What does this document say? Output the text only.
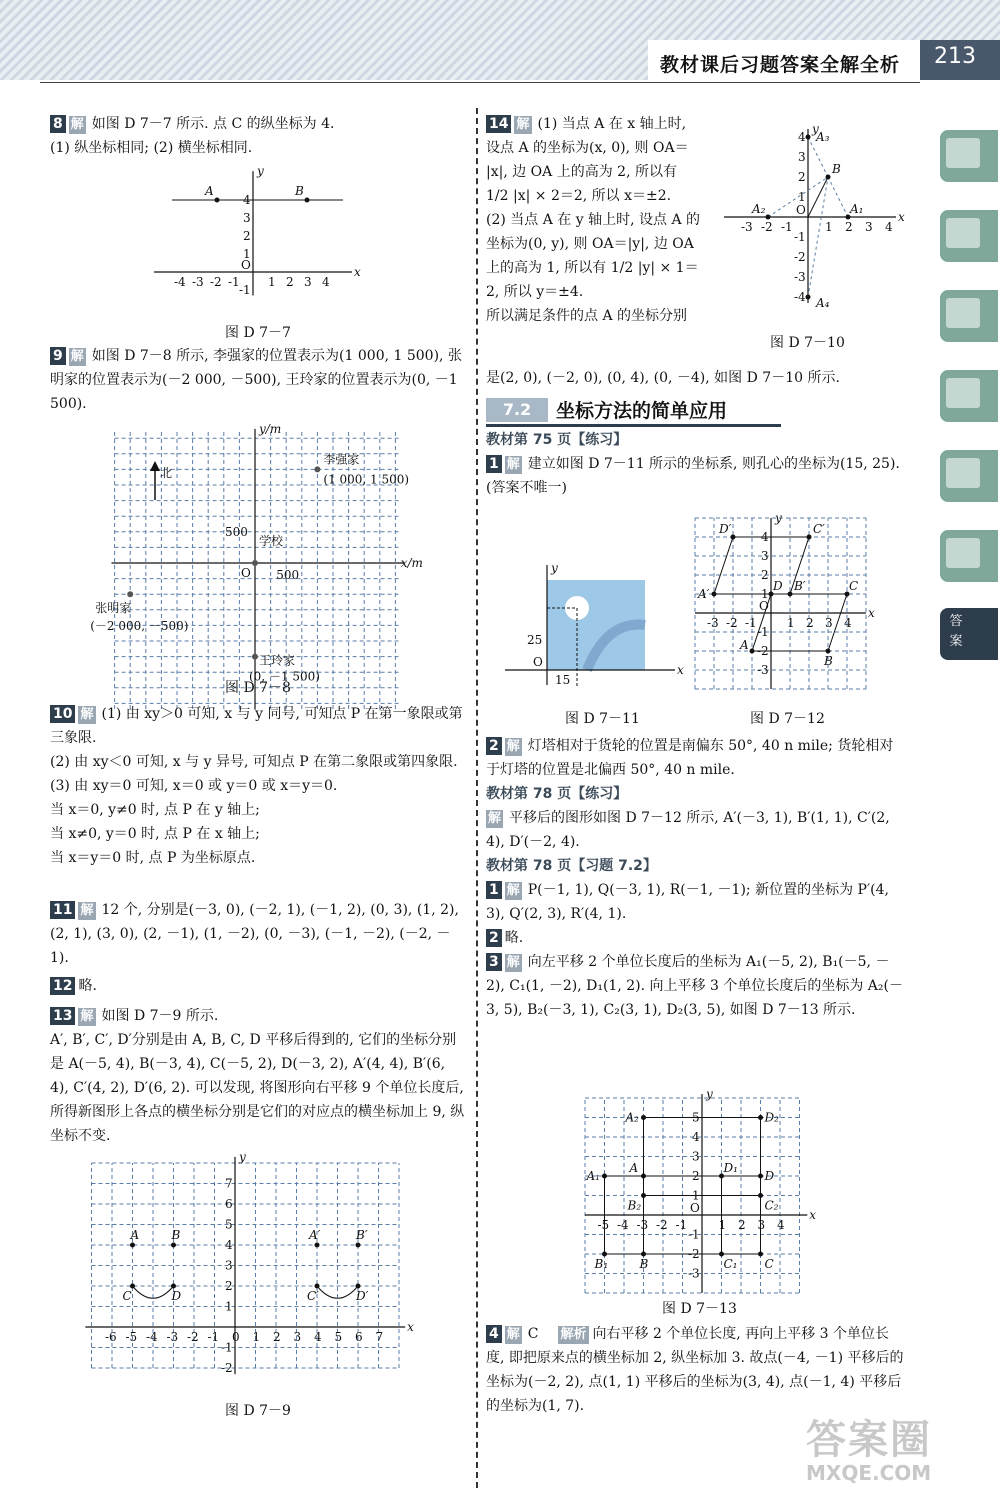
教材课后习题答案全解全析	213
答案

8 解 如图 D 7－7 所示. 点 C 的纵坐标为 4.

(1) 纵坐标相同; (2) 横坐标相同.

x
y
O
-4 -3 -2 -1 1 2 3 4
1
2
3
4
-1
A	B
图 D 7－7

9 解 如图 D 7－8 所示, 李强家的位置表示为(1 000, 1 500), 张明家的位置表示为(－2 000, －500), 王玲家的位置表示为(0, －1 500).

x/m
y/m
O 500
500
北
李强家
(1 000, 1 500)
学校
张明家
(－2 000, －500)
王玲家
(0, －1 500)
图 D 7－8

10 解 (1) 由 xy＞0 可知, x 与 y 同号, 可知点 P 在第一象限或第三象限.

(2) 由 xy＜0 可知, x 与 y 异号, 可知点 P 在第二象限或第四象限.

(3) 由 xy＝0 可知, x＝0 或 y＝0 或 x＝y＝0.

当 x＝0, y≠0 时, 点 P 在 y 轴上;

当 x≠0, y＝0 时, 点 P 在 x 轴上;

当 x＝y＝0 时, 点 P 为坐标原点.

11 解 12 个, 分别是(－3, 0), (－2, 1), (－1, 2), (0, 3), (1, 2), (2, 1), (3, 0), (2, －1), (1, －2), (0, －3), (－1, －2), (－2, －1).

12 略.

13 解 如图 D 7－9 所示.

A′, B′, C′, D′分别是由 A, B, C, D 平移后得到的, 它们的坐标分别是 A(－5, 4), B(－3, 4), C(－5, 2), D(－3, 2), A′(4, 4), B′(6, 4), C′(4, 2), D′(6, 2). 可以发现, 将图形向右平移 9 个单位长度后, 所得新图形上各点的横坐标分别是它们的对应点的横坐标加上 9, 纵坐标不变.

x
y
-6 -5 -4 -3 -2 -1 0 1 2 3 4 5 6 7
1
2
3
4
5
6
7
-1
-2
A	B
C	D
A′	B′
C′	D′
图 D 7－9

14 解 (1) 当点 A 在 x 轴上时,

设点 A 的坐标为(x, 0), 则 OA＝

|x|, 边 OA 上的高为 2, 所以有

1/2 |x| × 2＝2, 所以 x＝±2.

(2) 当点 A 在 y 轴上时, 设点 A 的

坐标为(0, y), 则 OA＝|y|, 边 OA

上的高为 1, 所以有 1/2 |y| × 1＝

2, 所以 y＝±4.

所以满足条件的点 A 的坐标分别

是(2, 0), (－2, 0), (0, 4), (0, －4), 如图 D 7－10 所示.

x
y
O
-3 -2 -1	1 2 3 4
1
2
3
4
-1
-2
-3
-4
A₃
B
A₂	A₁
A₄
图 D 7－10
7.2	坐标方法的简单应用

教材第 75 页【练习】

1 解 建立如图 D 7－11 所示的坐标系, 则孔心的坐标为(15, 25). (答案不唯一)

x
y
O
25
15
图 D 7－11
x
y
O
-3 -2 -1	1 2 3 4
1
2
3
4
-1
-2
-3
D′	C′
D B′
A′
C
A
B
图 D 7－12

2 解 灯塔相对于货轮的位置是南偏东 50°, 40 n mile; 货轮相对于灯塔的位置是北偏西 50°, 40 n mile.

教材第 78 页【练习】

解 平移后的图形如图 D 7－12 所示, A′(－3, 1), B′(1, 1), C′(2, 4), D′(－2, 4).

教材第 78 页【习题 7.2】

1 解 P(－1, 1), Q(－3, 1), R(－1, －1); 新位置的坐标为 P′(4, 3), Q′(2, 3), R′(4, 1).

2 略.

3 解 向左平移 2 个单位长度后的坐标为 A₁(－5, 2), B₁(－5, －2), C₁(1, －2), D₁(1, 2). 向上平移 3 个单位长度后的坐标为 A₂(－3, 5), B₂(－3, 1), C₂(3, 1), D₂(3, 5), 如图 D 7－13 所示.

x
y
O
-5 -4 -3 -2 -1	1 2 3 4
1
2
3
4
5
-1
-2
-3
A₂	D₂
A	D₁
A₁	D
B₂	C₂
B₁	B	C₁ C
图 D 7－13

4 解 C 解析 向右平移 2 个单位长度, 再向上平移 3 个单位长度, 即把原来点的横坐标加 2, 纵坐标加 3. 故点(－4, －1) 平移后的坐标为(－2, 2), 点(1, 1) 平移后的坐标为(3, 4), 点(－1, 4) 平移后的坐标为(1, 7).

答案圈
MXQE.COM
